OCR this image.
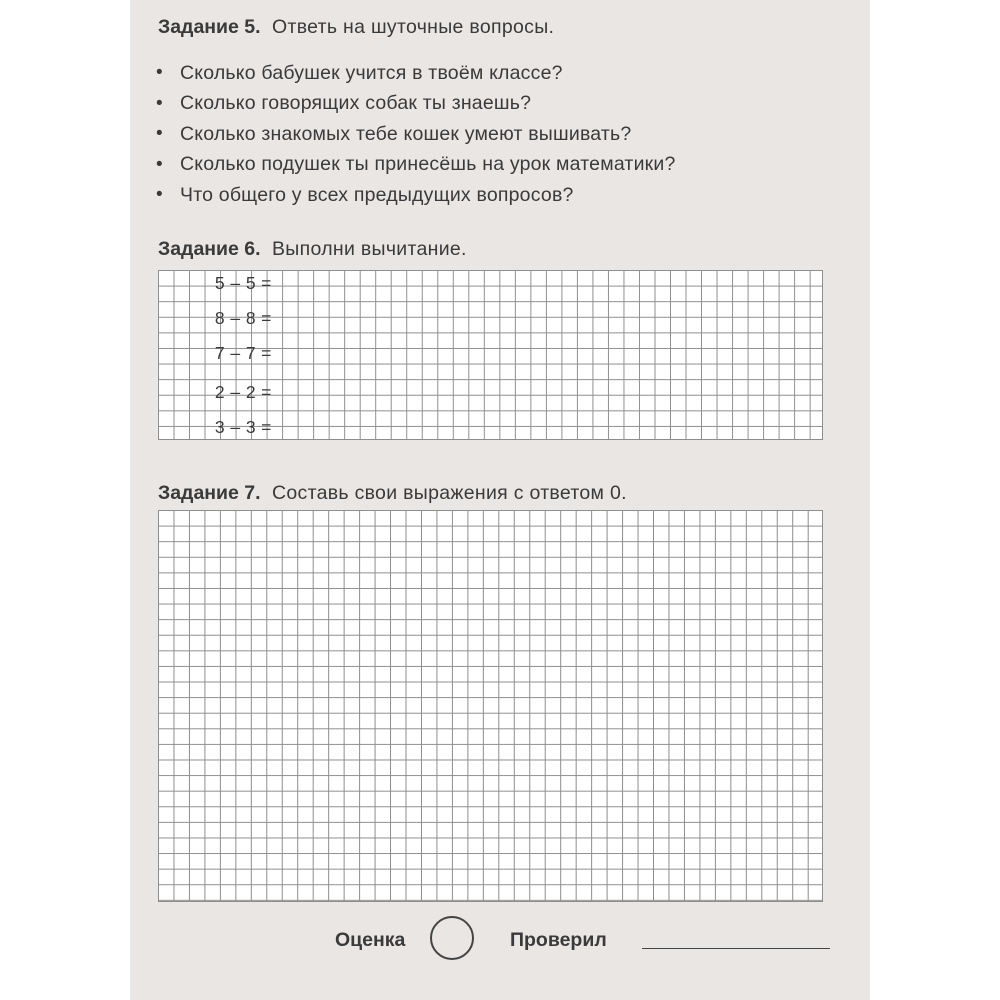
Задание 5. Ответь на шуточные вопросы.
• Сколько бабушек учится в твоём классе?
• Сколько говорящих собак ты знаешь?
• Сколько знакомых тебе кошек умеют вышивать?
• Сколько подушек ты принесёшь на урок математики?
• Что общего у всех предыдущих вопросов?
Задание 6. Выполни вычитание.
5 – 5 =
8 – 8 =
7 – 7 =
2 – 2 =
3 – 3 =
Задание 7. Составь свои выражения с ответом 0.
Оценка	Проверил
